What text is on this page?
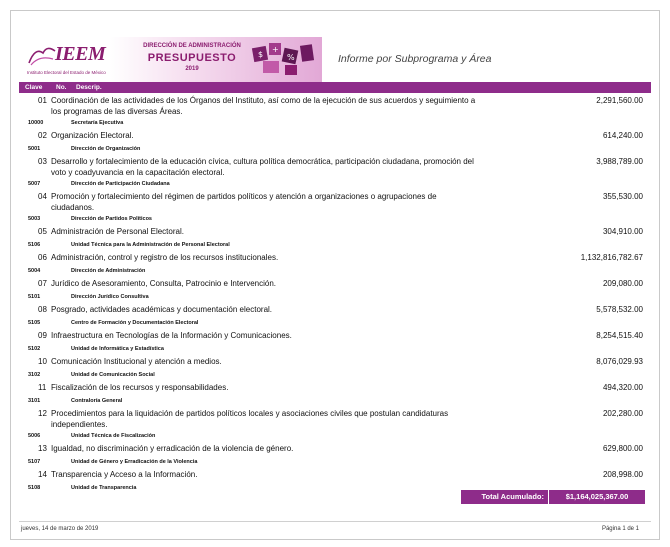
IEEM
Instituto Electoral del Estado de México
DIRECCIÓN DE ADMINISTRACIÓN
PRESUPUESTO
2019
$
+
%	Informe por Subprograma y Área
Clave No. Descrip.
01 Coordinación de las actividades de los Órganos del Instituto, así como de la ejecución de sus acuerdos y seguimiento a los programas de las diversas Áreas.
2,291,560.00
10000	Secretaría Ejecutiva
02 Organización Electoral.	614,240.00
5001	Dirección de Organización
03 Desarrollo y fortalecimiento de la educación cívica, cultura política democrática, participación ciudadana, promoción del voto y coadyuvancia en la capacitación electoral.
3,988,789.00
5007	Dirección de Participación Ciudadana
04 Promoción y fortalecimiento del régimen de partidos políticos y atención a organizaciones o agrupaciones de ciudadanos.
355,530.00
5003	Dirección de Partidos Políticos
05 Administración de Personal Electoral.	304,910.00
5106	Unidad Técnica para la Administración de Personal Electoral
06 Administración, control y registro de los recursos institucionales.	1,132,816,782.67
5004	Dirección de Administración
07 Jurídico de Asesoramiento, Consulta, Patrocinio e Intervención.	209,080.00
5101	Dirección Jurídico Consultiva
08 Posgrado, actividades académicas y documentación electoral.	5,578,532.00
5105	Centro de Formación y Documentación Electoral
09 Infraestructura en Tecnologías de la Información y Comunicaciones.	8,254,515.40
5102	Unidad de Informática y Estadística
10 Comunicación Institucional y atención a medios.	8,076,029.93
3102	Unidad de Comunicación Social
11 Fiscalización de los recursos y responsabilidades.	494,320.00
3101	Contraloría General
12 Procedimientos para la liquidación de partidos políticos locales y asociaciones civiles que postulan candidaturas independientes.
202,280.00
5006	Unidad Técnica de Fiscalización
13 Igualdad, no discriminación y erradicación de la violencia de género.	629,800.00
5107	Unidad de Género y Erradicación de la Violencia
14 Transparencia y Acceso a la Información.	208,998.00
5108	Unidad de Transparencia
Total Acumulado:	$1,164,025,367.00
jueves, 14 de marzo de 2019	Página 1 de 1
